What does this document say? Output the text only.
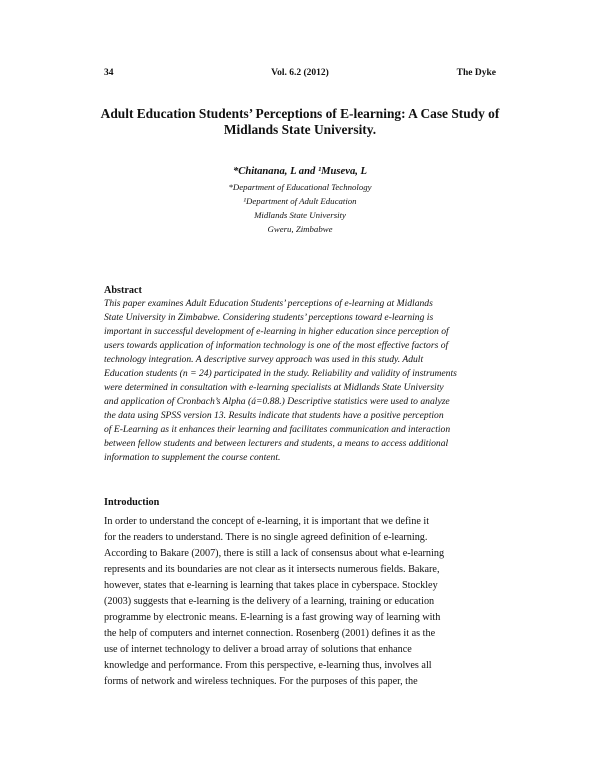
34	Vol. 6.2 (2012)	The Dyke
Adult Education Students’ Perceptions of E-learning: A Case Study of
Midlands State University.
*Chitanana, L and ¹Museva, L
*Department of Educational Technology
¹Department of Adult Education
Midlands State University
Gweru, Zimbabwe
Abstract
This paper examines Adult Education Students’ perceptions of e-learning at Midlands
State University in Zimbabwe. Considering students’ perceptions toward e-learning is
important in successful development of e-learning in higher education since perception of
users towards application of information technology is one of the most effective factors of
technology integration. A descriptive survey approach was used in this study. Adult
Education students (n = 24) participated in the study. Reliability and validity of instruments
were determined in consultation with e-learning specialists at Midlands State University
and application of Cronbach’s Alpha (á=0.88.) Descriptive statistics were used to analyze
the data using SPSS version 13. Results indicate that students have a positive perception
of E-Learning as it enhances their learning and facilitates communication and interaction
between fellow students and between lecturers and students, a means to access additional
information to supplement the course content.
Introduction
In order to understand the concept of e-learning, it is important that we define it
for the readers to understand. There is no single agreed definition of e-learning.
According to Bakare (2007), there is still a lack of consensus about what e-learning
represents and its boundaries are not clear as it intersects numerous fields. Bakare,
however, states that e-learning is learning that takes place in cyberspace. Stockley
(2003) suggests that e-learning is the delivery of a learning, training or education
programme by electronic means. E-learning is a fast growing way of learning with
the help of computers and internet connection. Rosenberg (2001) defines it as the
use of internet technology to deliver a broad array of solutions that enhance
knowledge and performance. From this perspective, e-learning thus, involves all
forms of network and wireless techniques. For the purposes of this paper, the
